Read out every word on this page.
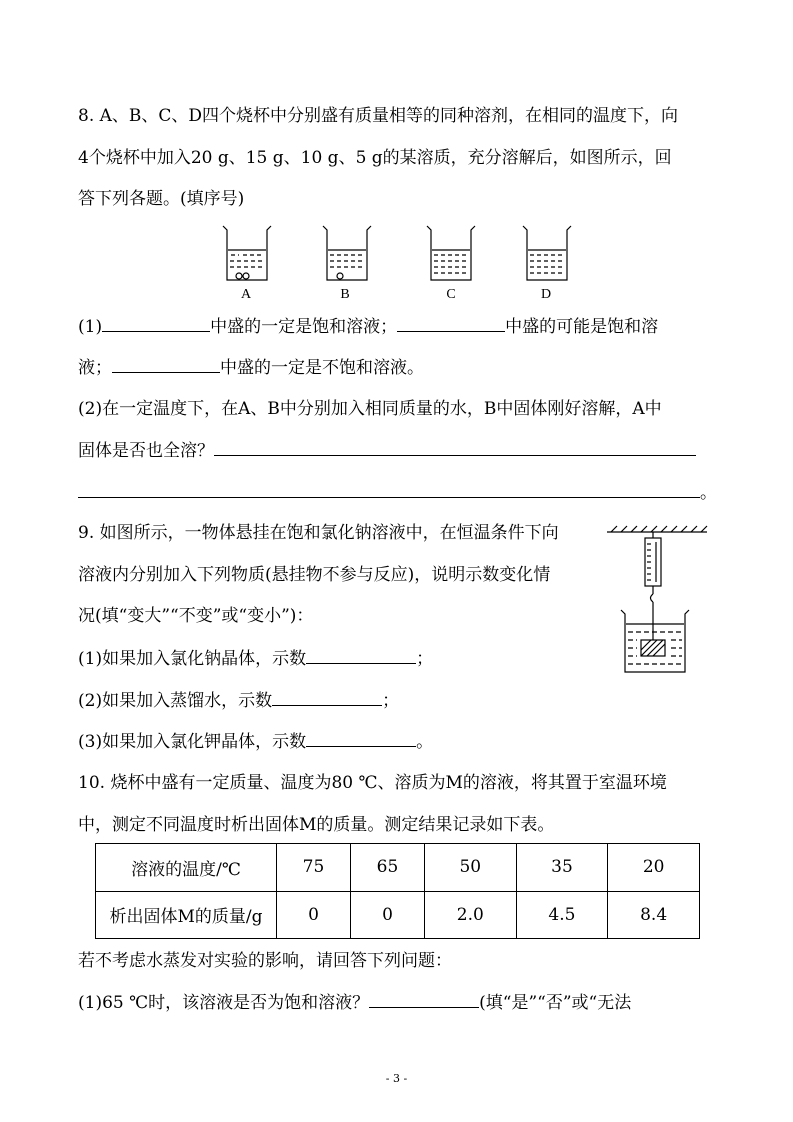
8. A、B、C、D四个烧杯中分别盛有质量相等的同种溶剂，在相同的温度下，向
4个烧杯中加入20 g、15 g、10 g、5 g的某溶质，充分溶解后，如图所示，回
答下列各题。(填序号)
A	B	C	D
(1)	中盛的一定是饱和溶液；	中盛的可能是饱和溶
液；	中盛的一定是不饱和溶液。
(2)在一定温度下，在A、B中分别加入相同质量的水，B中固体刚好溶解，A中
固体是否也全溶？
。
9. 如图所示，一物体悬挂在饱和氯化钠溶液中，在恒温条件下向
溶液内分别加入下列物质(悬挂物不参与反应)，说明示数变化情
况(填“变大”“不变”或“变小”)：
(1)如果加入氯化钠晶体，示数	；
(2)如果加入蒸馏水，示数	；
(3)如果加入氯化钾晶体，示数	。
10. 烧杯中盛有一定质量、温度为80 ℃、溶质为M的溶液，将其置于室温环境
中，测定不同温度时析出固体M的质量。测定结果记录如下表。
溶液的温度/℃	75	65	50	35	20
析出固体M的质量/g	0	0	2.0	4.5	8.4
若不考虑水蒸发对实验的影响，请回答下列问题：
(1)65 ℃时，该溶液是否为饱和溶液？	(填“是”“否”或“无法
- 3 -
